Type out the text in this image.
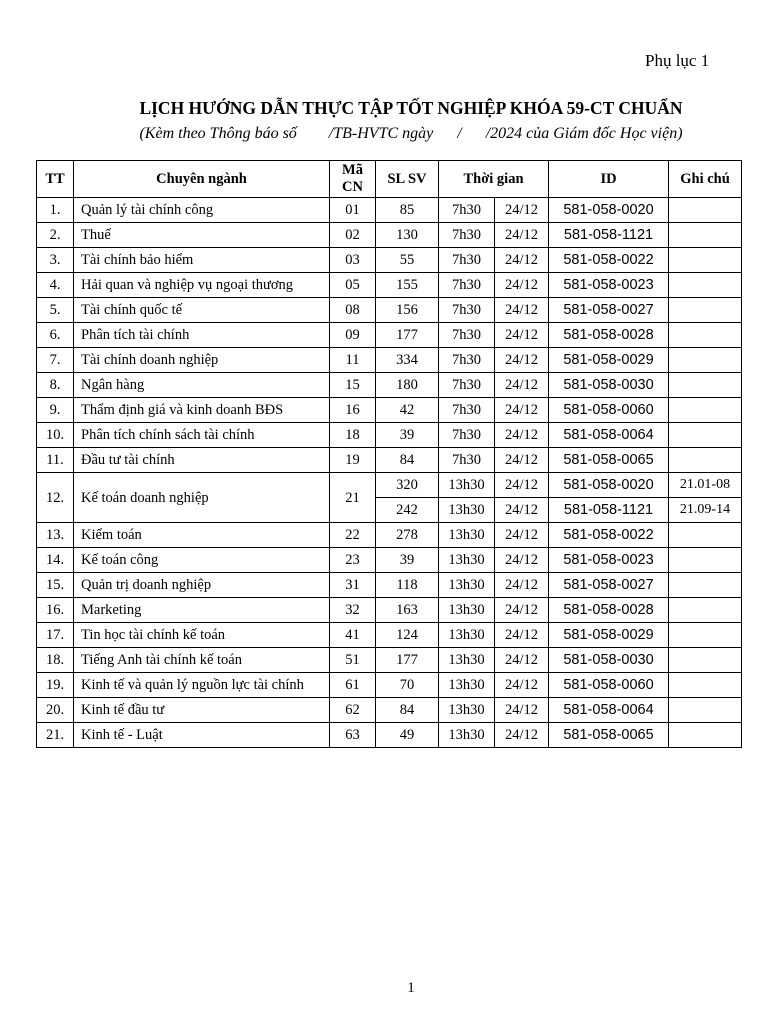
Phụ lục 1
LỊCH HƯỚNG DẪN THỰC TẬP TỐT NGHIỆP KHÓA 59-CT CHUẨN
(Kèm theo Thông báo số        /TB-HVTC ngày      /      /2024 của Giám đốc Học viện)
TT	Chuyên ngành	Mã CN	SL SV	Thời gian		ID	Ghi chú
1.	Quản lý tài chính công	01	85	7h30	24/12	581-058-0020	
2.	Thuế	02	130	7h30	24/12	581-058-1121	
3.	Tài chính bảo hiểm	03	55	7h30	24/12	581-058-0022	
4.	Hải quan và nghiệp vụ ngoại thương	05	155	7h30	24/12	581-058-0023	
5.	Tài chính quốc tế	08	156	7h30	24/12	581-058-0027	
6.	Phân tích tài chính	09	177	7h30	24/12	581-058-0028	
7.	Tài chính doanh nghiệp	11	334	7h30	24/12	581-058-0029	
8.	Ngân hàng	15	180	7h30	24/12	581-058-0030	
9.	Thẩm định giá và kinh doanh BĐS	16	42	7h30	24/12	581-058-0060	
10.	Phân tích chính sách tài chính	18	39	7h30	24/12	581-058-0064	
11.	Đầu tư tài chính	19	84	7h30	24/12	581-058-0065	
12.	Kế toán doanh nghiệp	21	320	13h30	24/12	581-058-0020	21.01-08
			242	13h30	24/12	581-058-1121	21.09-14
13.	Kiểm toán	22	278	13h30	24/12	581-058-0022	
14.	Kế toán công	23	39	13h30	24/12	581-058-0023	
15.	Quản trị doanh nghiệp	31	118	13h30	24/12	581-058-0027	
16.	Marketing	32	163	13h30	24/12	581-058-0028	
17.	Tin học tài chính kế toán	41	124	13h30	24/12	581-058-0029	
18.	Tiếng Anh tài chính kế toán	51	177	13h30	24/12	581-058-0030	
19.	Kinh tế và quản lý nguồn lực tài chính	61	70	13h30	24/12	581-058-0060	
20.	Kinh tế đầu tư	62	84	13h30	24/12	581-058-0064	
21.	Kinh tế - Luật	63	49	13h30	24/12	581-058-0065	
1
